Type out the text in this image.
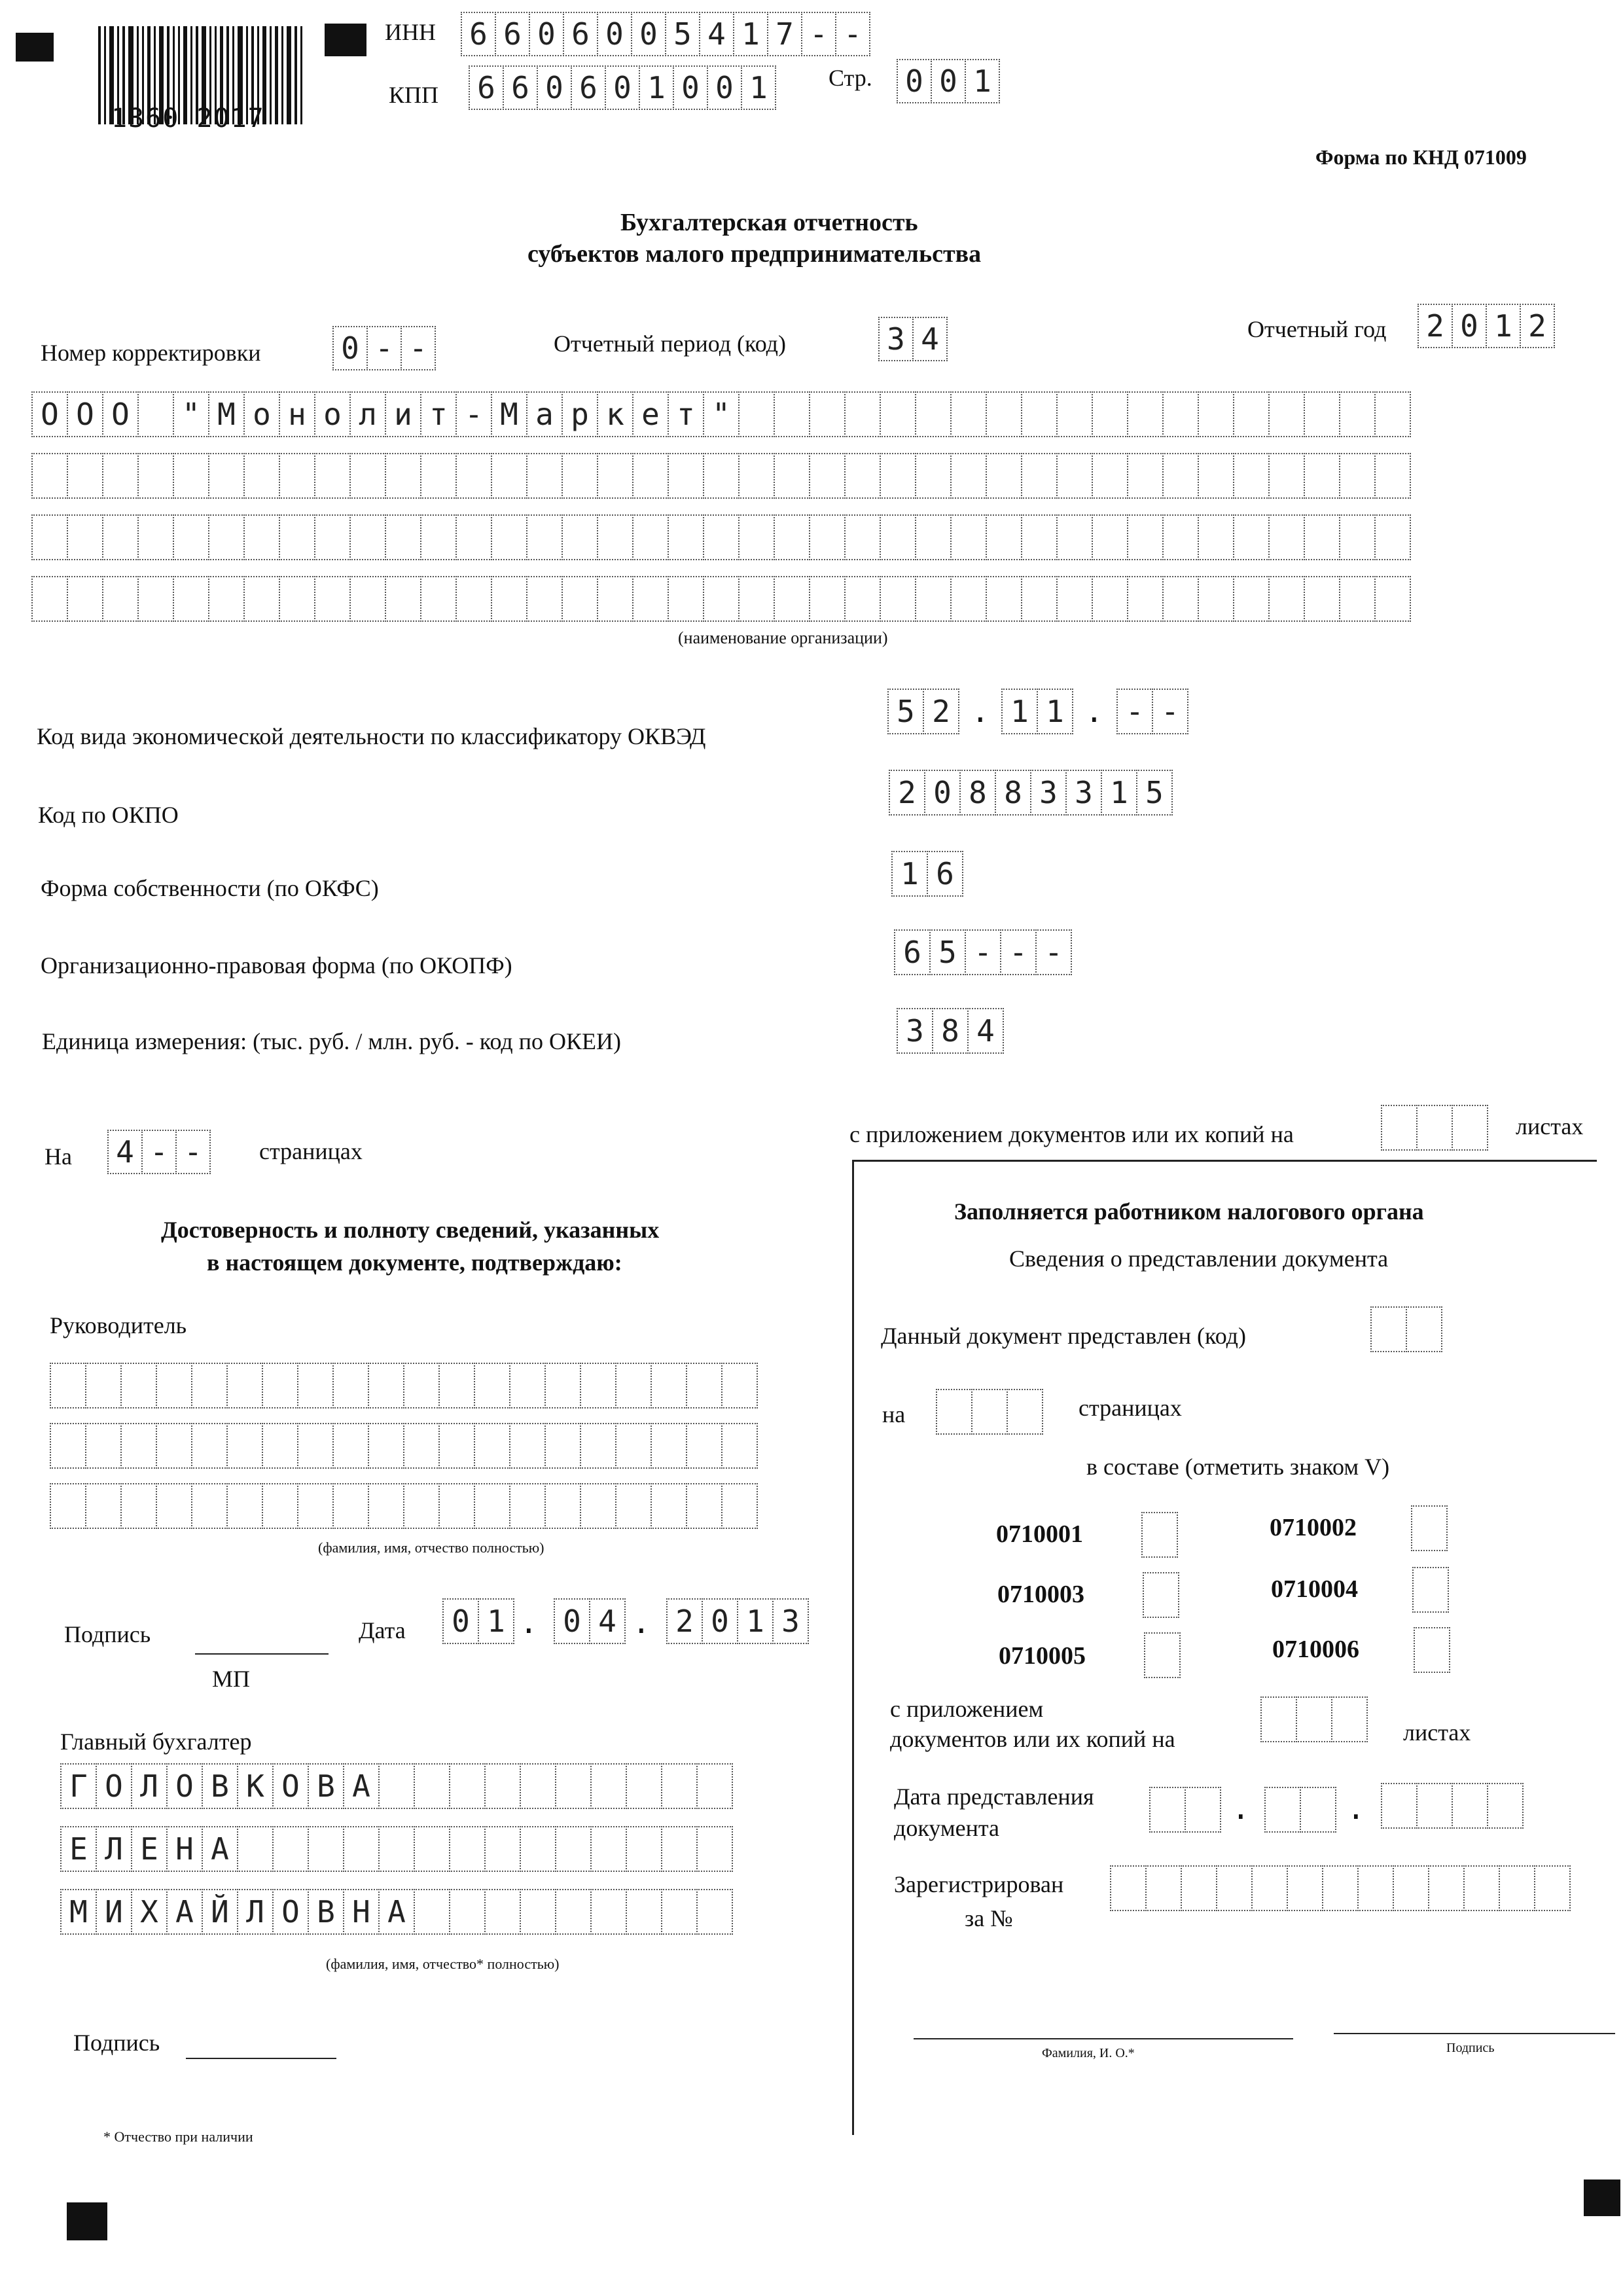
1360 2017
ИНН 6 6 0 6 0 0 5 4 1 7 - -
КПП 6 6 0 6 0 1 0 0 1	Стр. 0 0 1
Форма по КНД 071009
Бухгалтерская отчетность
субъектов малого предпринимательства
Номер корректировки	0 - -	Отчетный период (код)	3 4	Отчетный год 2 0 1 2
О О О	" М о н о л и т - М а р к е т "
(наименование организации)
Код вида экономической деятельности по классификатору ОКВЭД
5 2 . 1 1 . - -
Код по ОКПО
2 0 8 8 3 3 1 5
Форма собственности (по ОКФС)	1 6
Организационно-правовая форма (по ОКОПФ)	6 5 - - -
Единица измерения: (тыс. руб. / млн. руб. - код по ОКЕИ)	3 8 4
На 4 - -	страницах
с приложением документов или их копий на	листах
Достоверность и полноту сведений, указанных
в настоящем документе, подтверждаю:
Руководитель
(фамилия, имя, отчество полностью)
Подпись
МП
Дата	0 1 . 0 4 . 2 0 1 3
Главный бухгалтер
Г О Л О В К О В А
Е Л Е Н А
М И Х А Й Л О В Н А
(фамилия, имя, отчество* полностью)
Подпись
* Отчество при наличии
Заполняется работником налогового органа
Сведения о представлении документа
Данный документ представлен (код)
на	страницах
в составе (отметить знаком V)
0710001	0710002
0710003	0710004
0710005	0710006
с приложением
документов или их копий на	листах
Дата представления
документа
.	.
Зарегистрирован
за №
Фамилия, И. О.*	Подпись
